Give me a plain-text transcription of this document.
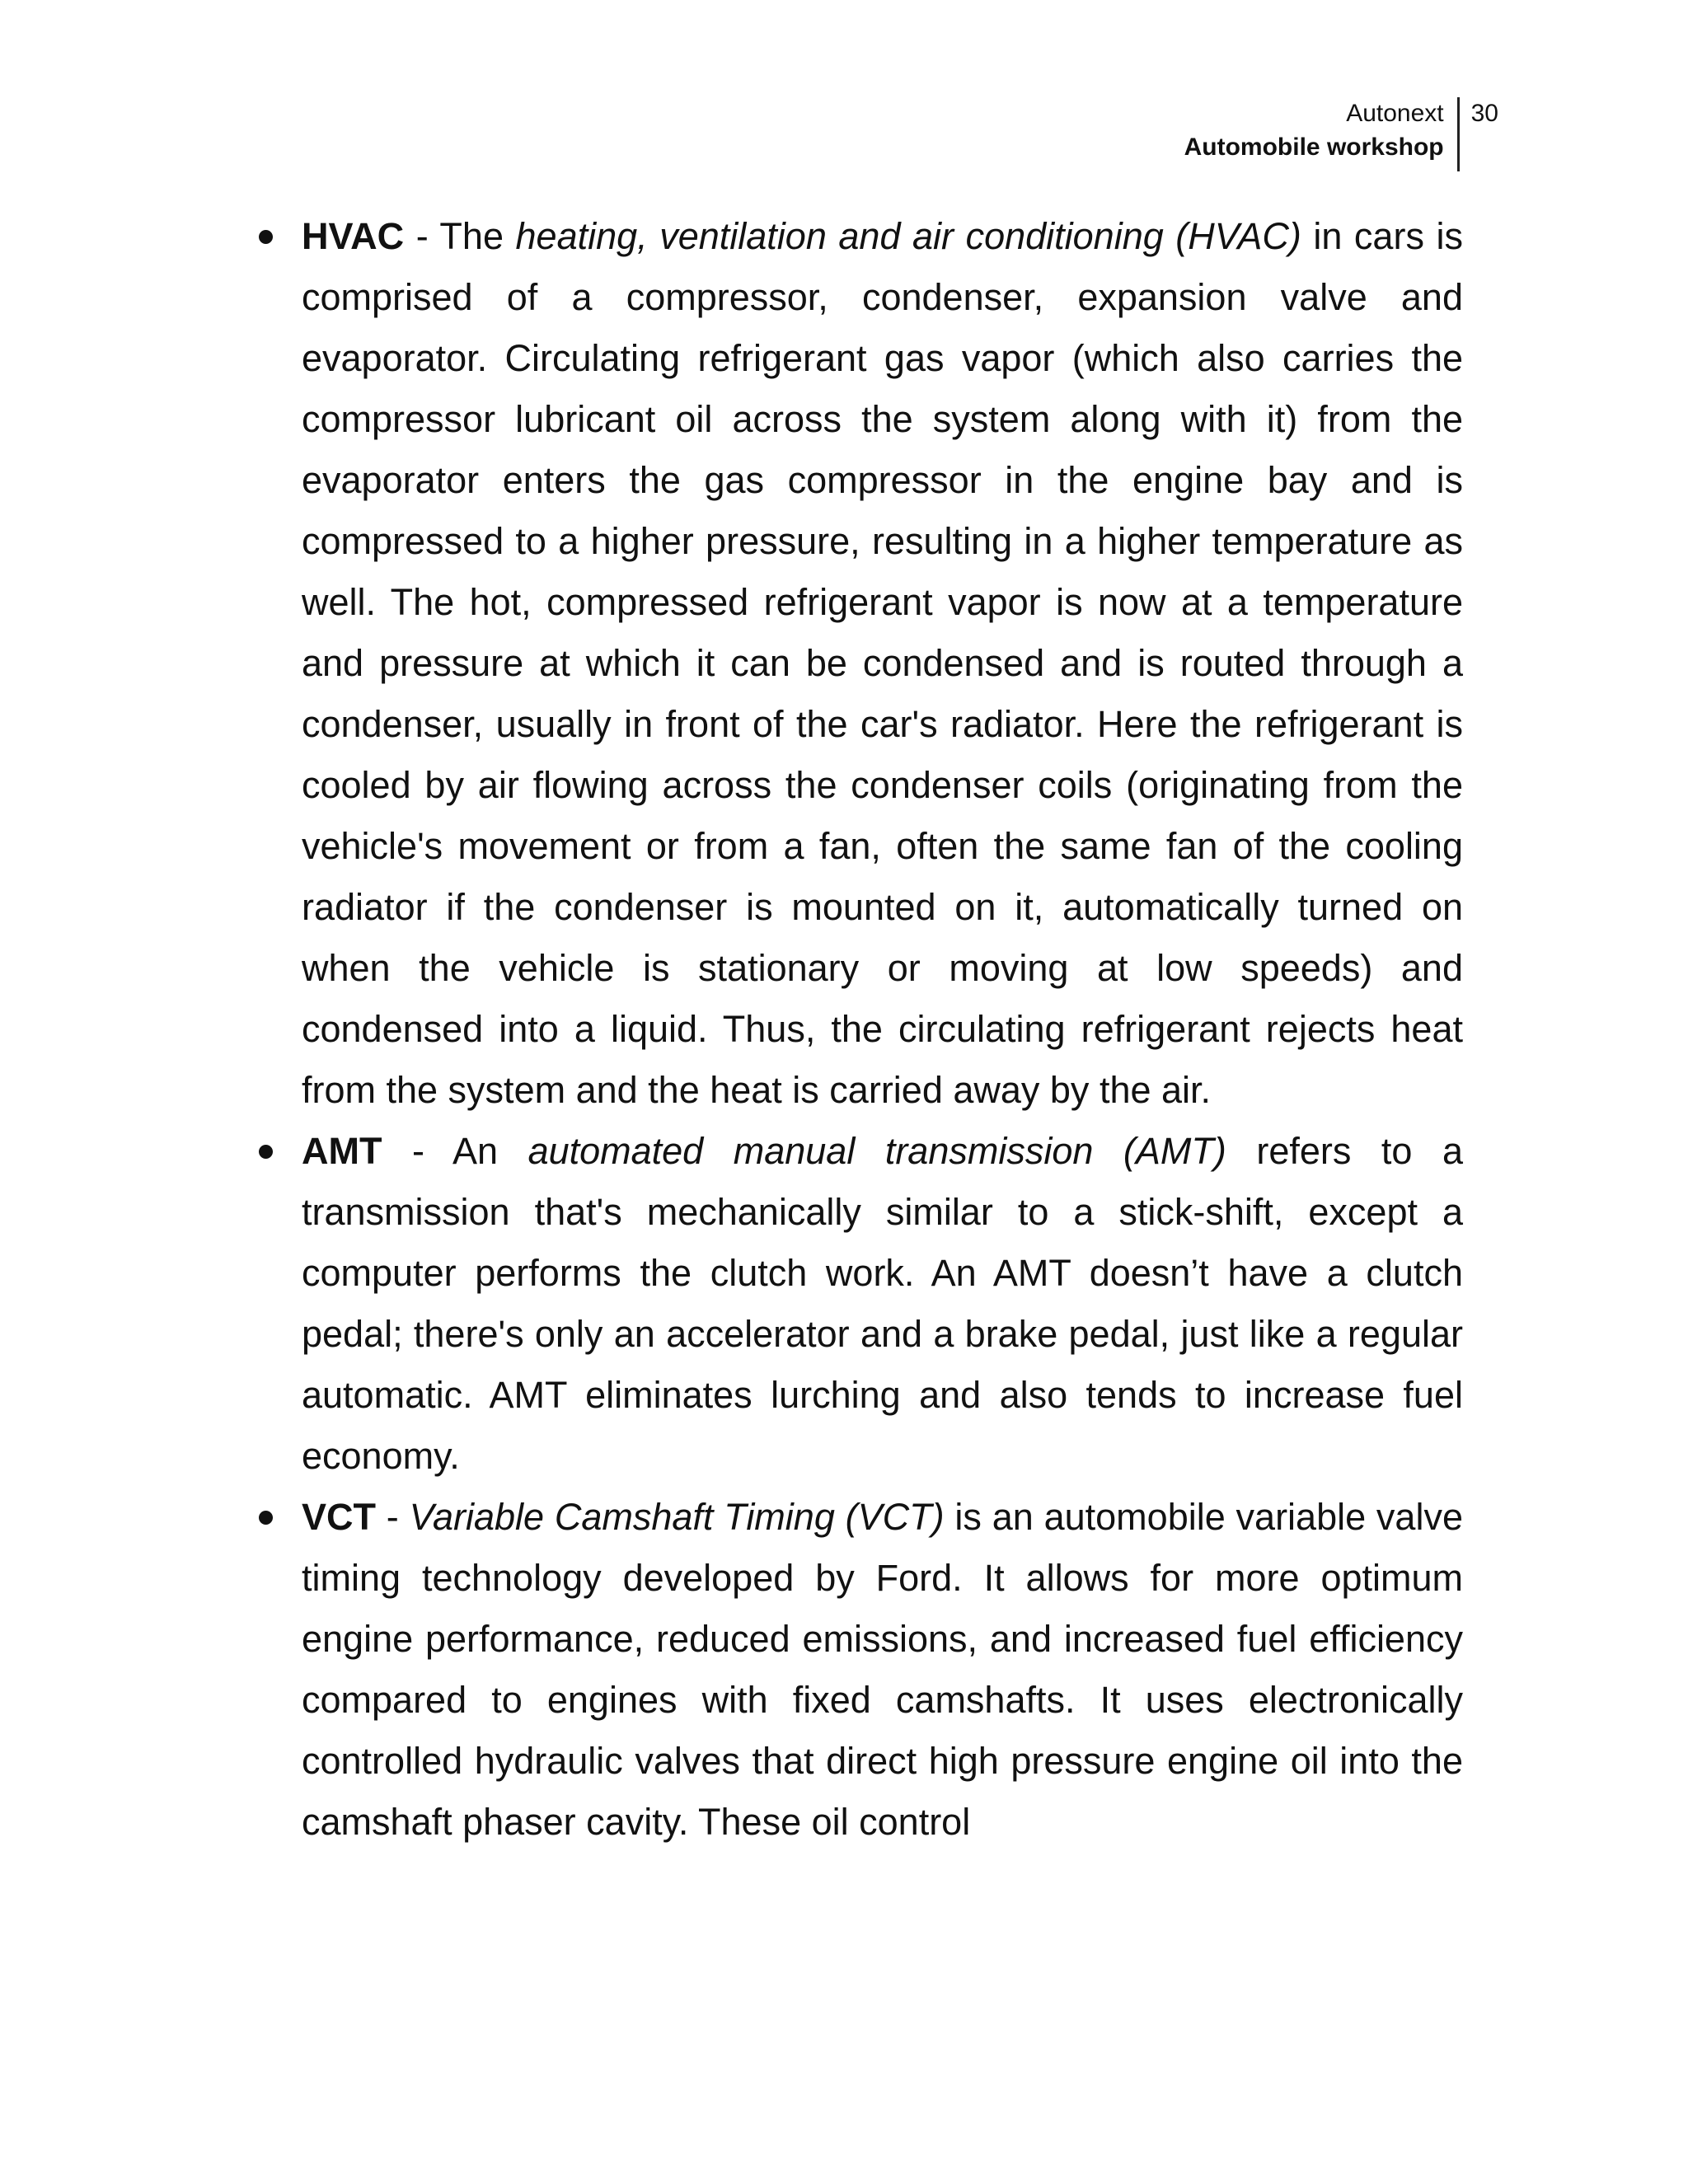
Autonext
Automobile workshop
30
HVAC - The heating, ventilation and air conditioning (HVAC) in cars is comprised of a compressor, condenser, expansion valve and evaporator. Circulating refrigerant gas vapor (which also carries the compressor lubricant oil across the system along with it) from the evaporator enters the gas compressor in the engine bay and is compressed to a higher pressure, resulting in a higher temperature as well. The hot, compressed refrigerant vapor is now at a temperature and pressure at which it can be condensed and is routed through a condenser, usually in front of the car's radiator. Here the refrigerant is cooled by air flowing across the condenser coils (originating from the vehicle's movement or from a fan, often the same fan of the cooling radiator if the condenser is mounted on it, automatically turned on when the vehicle is stationary or moving at low speeds) and condensed into a liquid. Thus, the circulating refrigerant rejects heat from the system and the heat is carried away by the air.
AMT - An automated manual transmission (AMT) refers to a transmission that's mechanically similar to a stick-shift, except a computer performs the clutch work. An AMT doesn’t have a clutch pedal; there's only an accelerator and a brake pedal, just like a regular automatic. AMT eliminates lurching and also tends to increase fuel economy.
VCT - Variable Camshaft Timing (VCT) is an automobile variable valve timing technology developed by Ford. It allows for more optimum engine performance, reduced emissions, and increased fuel efficiency compared to engines with fixed camshafts. It uses electronically controlled hydraulic valves that direct high pressure engine oil into the camshaft phaser cavity. These oil control
